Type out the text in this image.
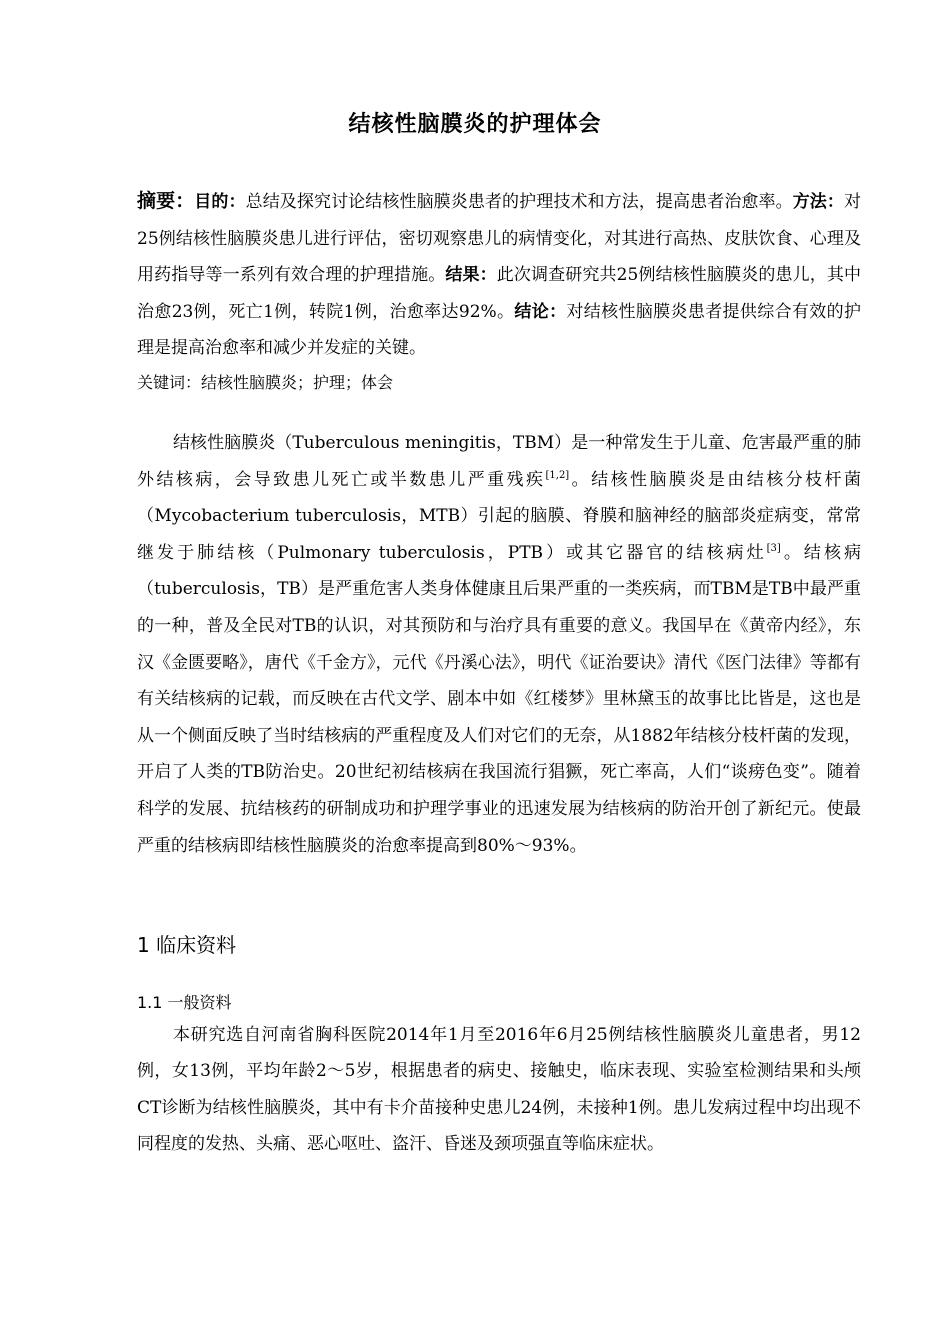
结核性脑膜炎的护理体会
摘要：目的：总结及探究讨论结核性脑膜炎患者的护理技术和方法，提高患者治愈率。方法：对25例结核性脑膜炎患儿进行评估，密切观察患儿的病情变化，对其进行高热、皮肤饮食、心理及用药指导等一系列有效合理的护理措施。结果：此次调查研究共25例结核性脑膜炎的患儿，其中治愈23例，死亡1例，转院1例，治愈率达92%。结论：对结核性脑膜炎患者提供综合有效的护理是提高治愈率和减少并发症的关键。
关键词：结核性脑膜炎；护理；体会
结核性脑膜炎（Tuberculous meningitis，TBM）是一种常发生于儿童、危害最严重的肺外结核病，会导致患儿死亡或半数患儿严重残疾[1,2]。结核性脑膜炎是由结核分枝杆菌（Mycobacterium tuberculosis，MTB）引起的脑膜、脊膜和脑神经的脑部炎症病变，常常继发于肺结核（Pulmonary tuberculosis，PTB）或其它器官的结核病灶[3]。结核病（tuberculosis，TB）是严重危害人类身体健康且后果严重的一类疾病，而TBM是TB中最严重的一种，普及全民对TB的认识，对其预防和与治疗具有重要的意义。我国早在《黄帝内经》，东汉《金匮要略》，唐代《千金方》，元代《丹溪心法》，明代《证治要诀》清代《医门法律》等都有有关结核病的记载，而反映在古代文学、剧本中如《红楼梦》里林黛玉的故事比比皆是，这也是从一个侧面反映了当时结核病的严重程度及人们对它们的无奈，从1882年结核分枝杆菌的发现，开启了人类的TB防治史。20世纪初结核病在我国流行猖獗，死亡率高，人们“谈痨色变”。随着科学的发展、抗结核药的研制成功和护理学事业的迅速发展为结核病的防治开创了新纪元。使最严重的结核病即结核性脑膜炎的治愈率提高到80%～93%。
1 临床资料
1.1 一般资料
本研究选自河南省胸科医院2014年1月至2016年6月25例结核性脑膜炎儿童患者，男12例，女13例，平均年龄2～5岁，根据患者的病史、接触史，临床表现、实验室检测结果和头颅CT诊断为结核性脑膜炎，其中有卡介苗接种史患儿24例，未接种1例。患儿发病过程中均出现不同程度的发热、头痛、恶心呕吐、盗汗、昏迷及颈项强直等临床症状。
